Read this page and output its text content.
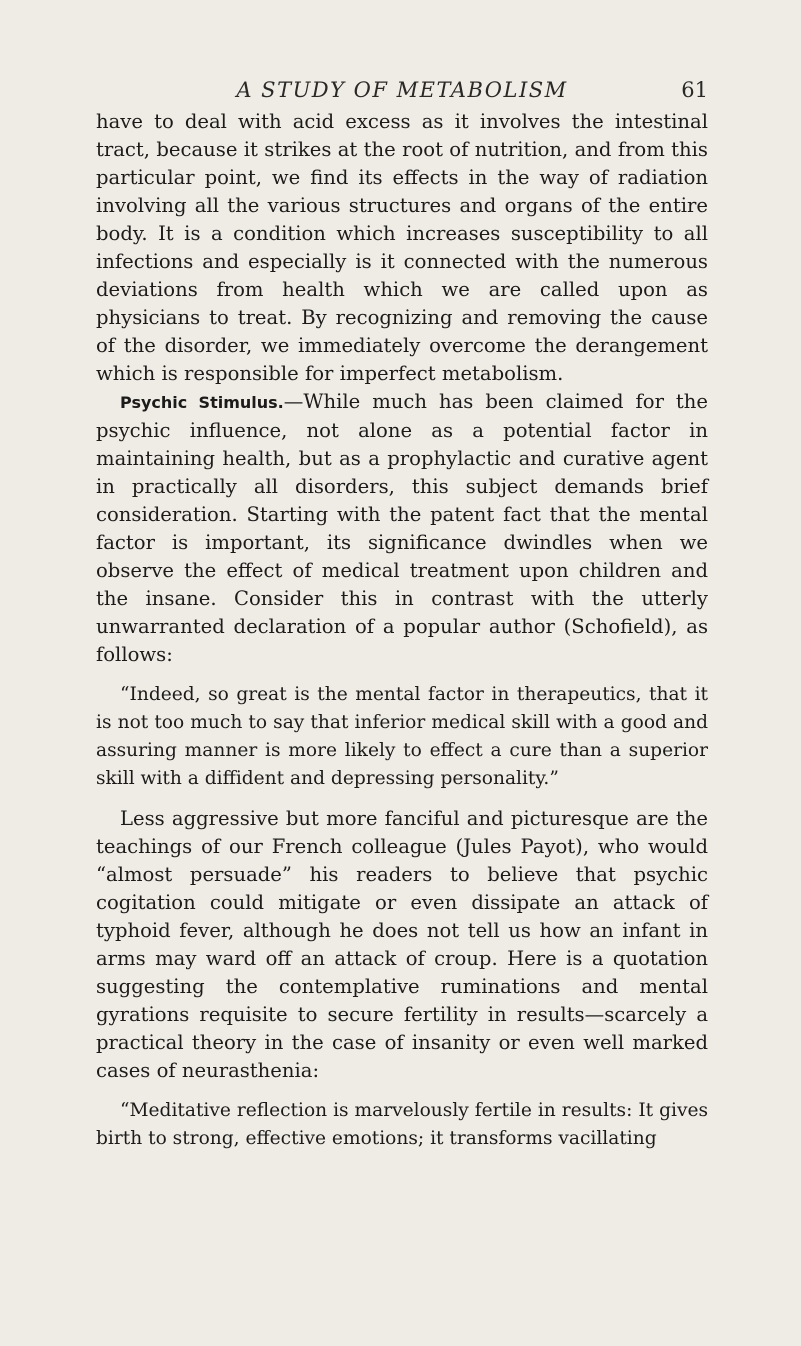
A STUDY OF METABOLISM	61

have to deal with acid excess as it involves the intestinal tract, because it strikes at the root of nutrition, and from this particular point, we find its effects in the way of radiation involving all the various structures and organs of the entire body. It is a condition which increases susceptibility to all infections and especially is it connected with the numerous deviations from health which we are called upon as physicians to treat. By recognizing and removing the cause of the disorder, we immediately overcome the derangement which is responsible for imperfect metabolism.

Psychic Stimulus.—While much has been claimed for the psychic influence, not alone as a potential factor in maintaining health, but as a prophylactic and curative agent in practically all disorders, this subject demands brief consideration. Starting with the patent fact that the mental factor is important, its significance dwindles when we observe the effect of medical treatment upon children and the insane. Consider this in contrast with the utterly unwarranted declaration of a popular author (Schofield), as follows:

“Indeed, so great is the mental factor in therapeutics, that it is not too much to say that inferior medical skill with a good and assuring manner is more likely to effect a cure than a superior skill with a diffident and depressing personality.”

Less aggressive but more fanciful and picturesque are the teachings of our French colleague (Jules Payot), who would “almost persuade” his readers to believe that psychic cogitation could mitigate or even dissipate an attack of typhoid fever, although he does not tell us how an infant in arms may ward off an attack of croup. Here is a quotation suggesting the contemplative ruminations and mental gyrations requisite to secure fertility in results—scarcely a practical theory in the case of insanity or even well marked cases of neurasthenia:

“Meditative reflection is marvelously fertile in results: It gives birth to strong, effective emotions; it transforms vacillating
